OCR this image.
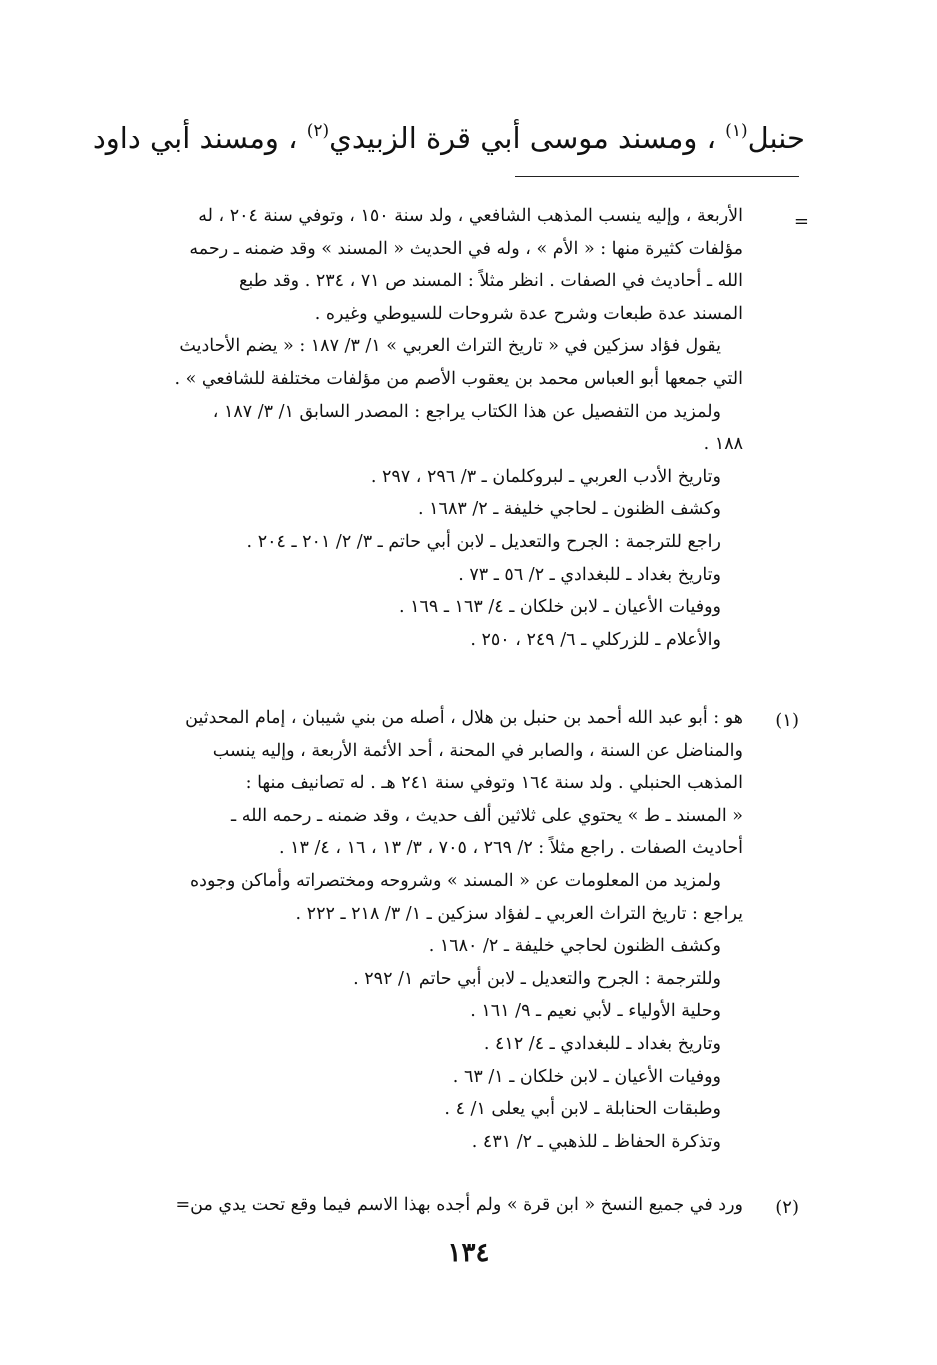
حنبل$^{(١)}$ ، ومسند موسى أبي قرة الزبيدي$^{(٢)}$ ، ومسند أبي داود
=
الأربعة ، وإليه ينسب المذهب الشافعي ، ولد سنة ١٥٠ ، وتوفي سنة ٢٠٤ ، له
مؤلفات كثيرة منها : « الأم » ، وله في الحديث « المسند » وقد ضمنه ـ رحمه
الله ـ أحاديث في الصفات . انظر مثلاً : المسند ص ٧١ ، ٢٣٤ . وقد طبع
المسند عدة طبعات وشرح عدة شروحات للسيوطي وغيره .
يقول فؤاد سزكين في « تاريخ التراث العربي » ١/ ٣/ ١٨٧ : « يضم الأحاديث
التي جمعها أبو العباس محمد بن يعقوب الأصم من مؤلفات مختلفة للشافعي » .
ولمزيد من التفصيل عن هذا الكتاب يراجع : المصدر السابق ١/ ٣/ ١٨٧ ،
١٨٨ .
وتاريخ الأدب العربي ـ لبروكلمان ـ ٣/ ٢٩٦ ، ٢٩٧ .
وكشف الظنون ـ لحاجي خليفة ـ ٢/ ١٦٨٣ .
راجع للترجمة : الجرح والتعديل ـ لابن أبي حاتم ـ ٣/ ٢/ ٢٠١ ـ ٢٠٤ .
وتاريخ بغداد ـ للبغدادي ـ ٢/ ٥٦ ـ ٧٣ .
ووفيات الأعيان ـ لابن خلكان ـ ٤/ ١٦٣ ـ ١٦٩ .
والأعلام ـ للزركلي ـ ٦/ ٢٤٩ ، ٢٥٠ .
(١)
هو : أبو عبد الله أحمد بن حنبل بن هلال ، أصله من بني شيبان ، إمام المحدثين
والمناضل عن السنة ، والصابر في المحنة ، أحد الأئمة الأربعة ، وإليه ينسب
المذهب الحنبلي . ولد سنة ١٦٤ وتوفي سنة ٢٤١ هـ . له تصانيف منها :
« المسند ـ ط » يحتوي على ثلاثين ألف حديث ، وقد ضمنه ـ رحمه الله ـ
أحاديث الصفات . راجع مثلاً : ٢/ ٢٦٩ ، ٧٠٥ ، ٣/ ١٣ ، ١٦ ، ٤/ ١٣ .
ولمزيد من المعلومات عن « المسند » وشروحه ومختصراته وأماكن وجوده
يراجع : تاريخ التراث العربي ـ لفؤاد سزكين ـ ١/ ٣/ ٢١٨ ـ ٢٢٢ .
وكشف الظنون لحاجي خليفة ـ ٢/ ١٦٨٠ .
وللترجمة : الجرح والتعديل ـ لابن أبي حاتم ١/ ٢٩٢ .
وحلية الأولياء ـ لأبي نعيم ـ ٩/ ١٦١ .
وتاريخ بغداد ـ للبغدادي ـ ٤/ ٤١٢ .
ووفيات الأعيان ـ لابن خلكان ـ ١/ ٦٣ .
وطبقات الحنابلة ـ لابن أبي يعلى ١/ ٤ .
وتذكرة الحفاظ ـ للذهبي ـ ٢/ ٤٣١ .
(٢)
ورد في جميع النسخ « ابن قرة » ولم أجده بهذا الاسم فيما وقع تحت يدي من=
١٣٤
